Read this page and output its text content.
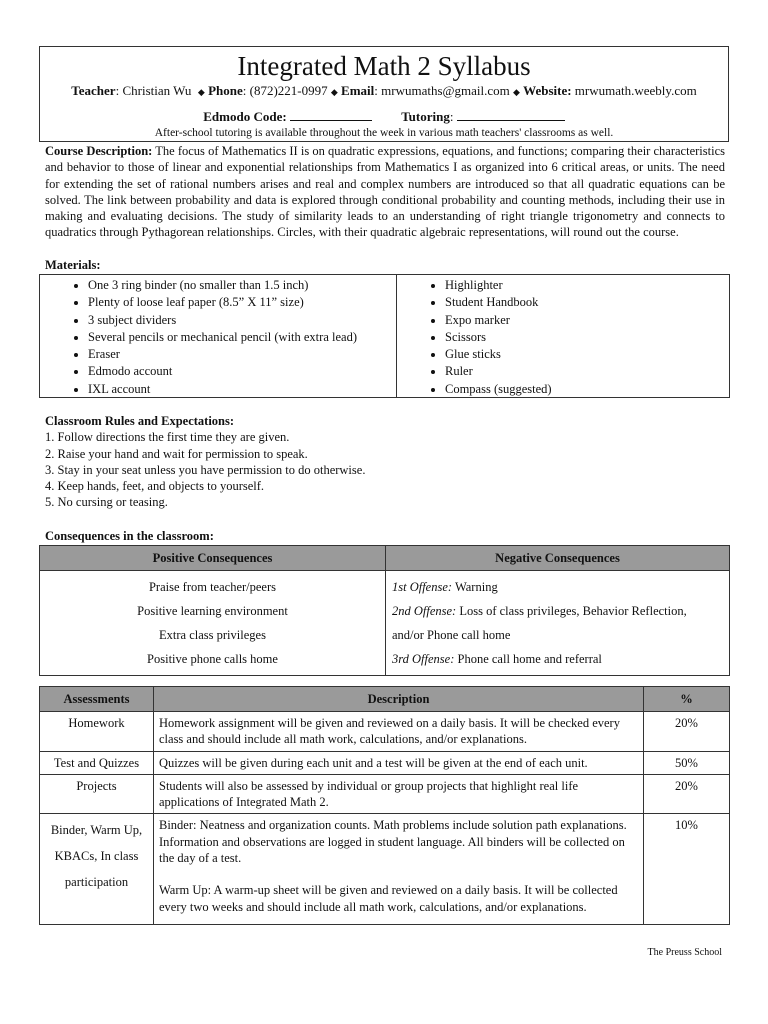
Integrated Math 2 Syllabus
Teacher: Christian Wu ◆ Phone: (872)221-0997 ◆ Email: mrwumaths@gmail.com ◆ Website: mrwumath.weebly.com
Edmodo Code:	Tutoring:
After-school tutoring is available throughout the week in various math teachers' classrooms as well.
Course Description: The focus of Mathematics II is on quadratic expressions, equations, and functions; comparing their characteristics and behavior to those of linear and exponential relationships from Mathematics I as organized into 6 critical areas, or units. The need for extending the set of rational numbers arises and real and complex numbers are introduced so that all quadratic equations can be solved. The link between probability and data is explored through conditional probability and counting methods, including their use in making and evaluating decisions. The study of similarity leads to an understanding of right triangle trigonometry and connects to quadratics through Pythagorean relationships. Circles, with their quadratic algebraic representations, will round out the course.
Materials:
• One 3 ring binder (no smaller than 1.5 inch)
• Plenty of loose leaf paper (8.5” X 11” size)
• 3 subject dividers
• Several pencils or mechanical pencil (with extra lead)
• Eraser
• Edmodo account
• IXL account
• Highlighter
• Student Handbook
• Expo marker
• Scissors
• Glue sticks
• Ruler
• Compass (suggested)
Classroom Rules and Expectations:
1. Follow directions the first time they are given.
2. Raise your hand and wait for permission to speak.
3. Stay in your seat unless you have permission to do otherwise.
4. Keep hands, feet, and objects to yourself.
5. No cursing or teasing.
Consequences in the classroom:
Positive Consequences	Negative Consequences
Praise from teacher/peers	1st Offense: Warning
Positive learning environment	2nd Offense: Loss of class privileges, Behavior Reflection,
Extra class privileges	and/or Phone call home
Positive phone calls home	3rd Offense: Phone call home and referral
Assessments	Description	%
Homework	Homework assignment will be given and reviewed on a daily basis. It will be checked every class and should include all math work, calculations, and/or explanations.	20%
Test and Quizzes	Quizzes will be given during each unit and a test will be given at the end of each unit.	50%
Projects	Students will also be assessed by individual or group projects that highlight real life applications of Integrated Math 2.	20%
Binder, Warm Up, KBACs, In class participation	Binder: Neatness and organization counts. Math problems include solution path explanations. Information and observations are logged in student language. All binders will be collected on the day of a test.
Warm Up: A warm-up sheet will be given and reviewed on a daily basis. It will be collected every two weeks and should include all math work, calculations, and/or explanations.	10%
The Preuss School
